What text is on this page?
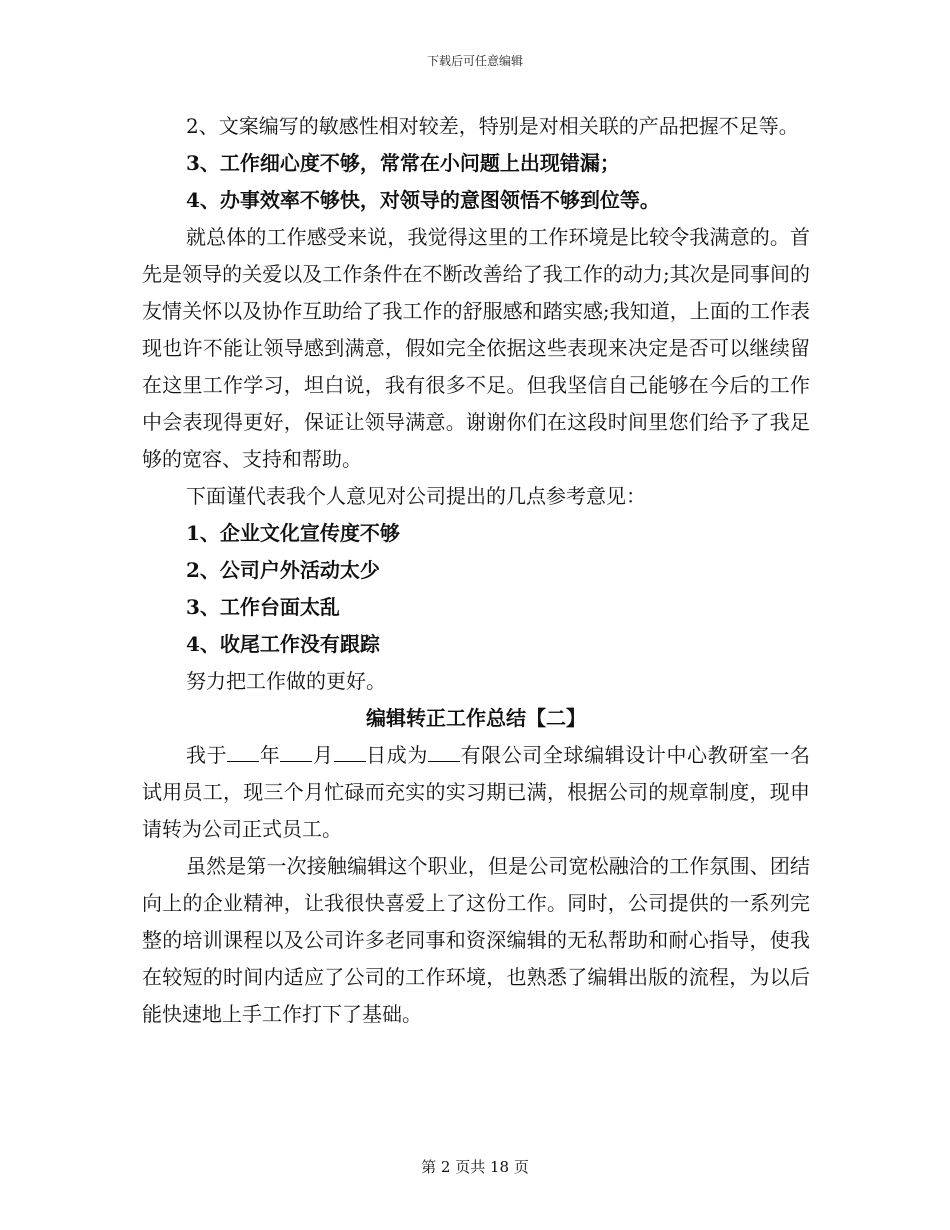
下载后可任意编辑

2、文案编写的敏感性相对较差，特别是对相关联的产品把握不足等。

3、工作细心度不够，常常在小问题上出现错漏；

4、办事效率不够快，对领导的意图领悟不够到位等。

就总体的工作感受来说，我觉得这里的工作环境是比较令我满意的。首先是领导的关爱以及工作条件在不断改善给了我工作的动力;其次是同事间的友情关怀以及协作互助给了我工作的舒服感和踏实感;我知道，上面的工作表现也许不能让领导感到满意，假如完全依据这些表现来决定是否可以继续留在这里工作学习，坦白说，我有很多不足。但我坚信自己能够在今后的工作中会表现得更好，保证让领导满意。谢谢你们在这段时间里您们给予了我足够的宽容、支持和帮助。

下面谨代表我个人意见对公司提出的几点参考意见：

1、企业文化宣传度不够

2、公司户外活动太少

3、工作台面太乱

4、收尾工作没有跟踪

努力把工作做的更好。

编辑转正工作总结【二】

我于 年 月 日成为 有限公司全球编辑设计中心教研室一名试用员工，现三个月忙碌而充实的实习期已满，根据公司的规章制度，现申请转为公司正式员工。

虽然是第一次接触编辑这个职业，但是公司宽松融洽的工作氛围、团结向上的企业精神，让我很快喜爱上了这份工作。同时，公司提供的一系列完整的培训课程以及公司许多老同事和资深编辑的无私帮助和耐心指导，使我在较短的时间内适应了公司的工作环境，也熟悉了编辑出版的流程，为以后能快速地上手工作打下了基础。

第 2 页共 18 页
